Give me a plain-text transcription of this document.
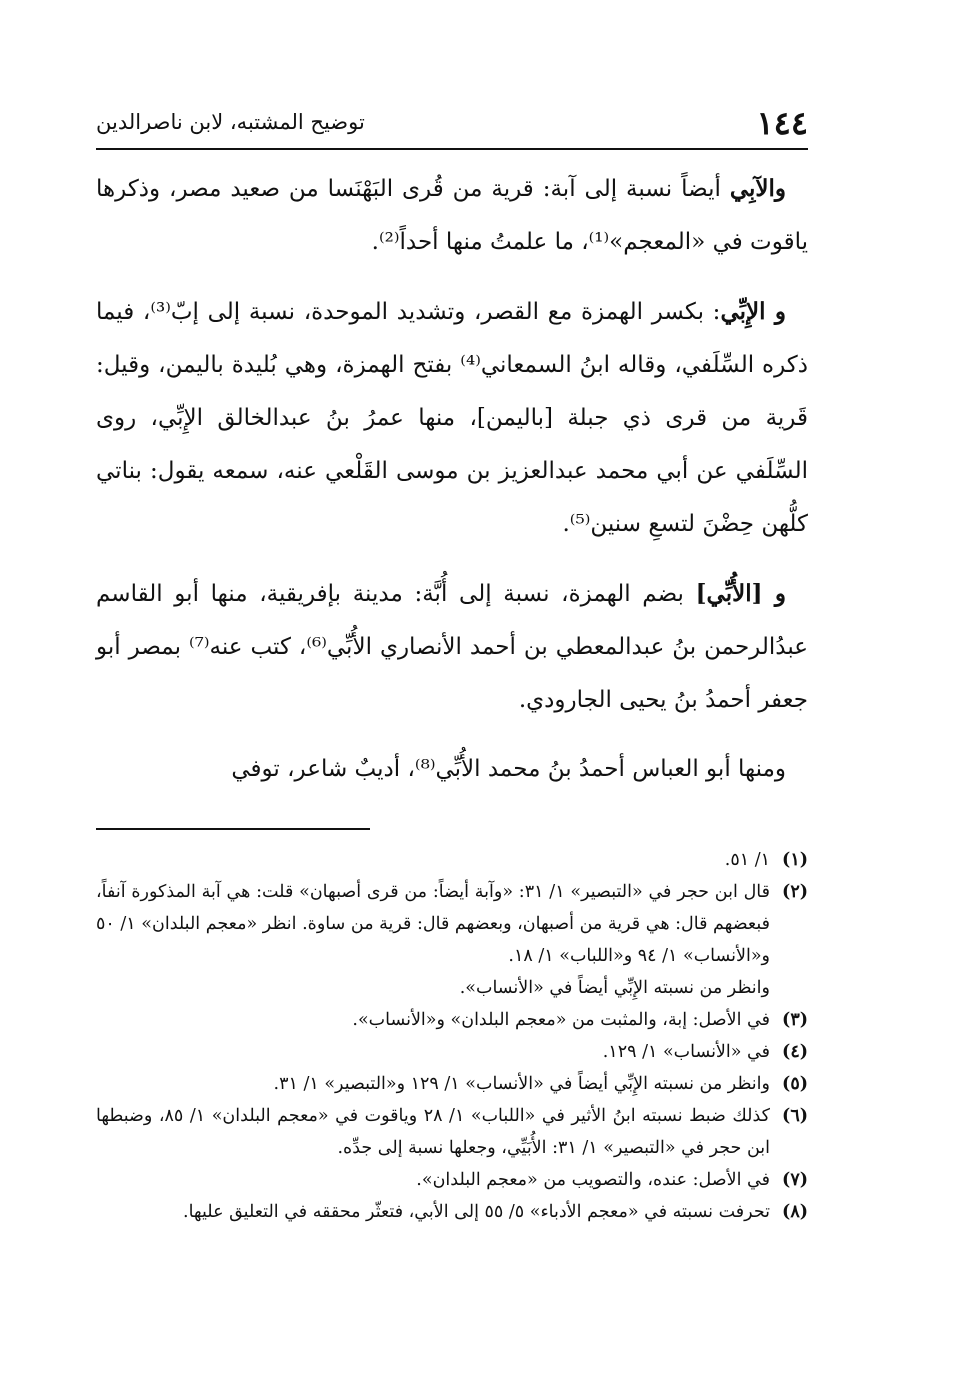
١٤٤
توضيح المشتبه، لابن ناصرالدين

والآبِي أيضاً نسبة إلى آبة: قرية من قُرى البَهْنَسا من صعيد مصر، وذكرها ياقوت في «المعجم»⁽¹⁾، ما علمتُ منها أحداً⁽²⁾.

و الإِبِّي: بكسر الهمزة مع القصر، وتشديد الموحدة، نسبة إلى إبّ⁽³⁾، فيما ذكره السِّلَفي، وقاله ابنُ السمعاني⁽⁴⁾ بفتح الهمزة، وهي بُليدة باليمن، وقيل: قَرية من قرى ذي جبلة [باليمن]، منها عمرُ بنُ عبدالخالق الإِبِّي، روى السِّلَفي عن أبي محمد عبدالعزيز بن موسى القَلْعي عنه، سمعه يقول: بناتي كلُّهن حِضْنَ لتسعِ سنين⁽⁵⁾.

و [الأُبِّي] بضم الهمزة، نسبة إلى أُبَّة: مدينة بإفريقية، منها أبو القاسم عبدُالرحمن بنُ عبدالمعطي بن أحمد الأنصاري الأُبِّي⁽⁶⁾، كتب عنه⁽⁷⁾ بمصر أبو جعفر أحمدُ بنُ يحيى الجارودي.

ومنها أبو العباس أحمدُ بنُ محمد الأُبِّي⁽⁸⁾، أديبٌ شاعر، توفي

(١)
١/ ٥١.
(٢)
قال ابن حجر في «التبصير» ١/ ٣١: «وآبة أيضاً: من قرى أصبهان» قلت: هي آبة المذكورة آنفاً، فبعضهم قال: هي قرية من أصبهان، وبعضهم قال: قرية من ساوة. انظر «معجم البلدان» ١/ ٥٠ و«الأنساب» ١/ ٩٤ و«اللباب» ١/ ١٨.
وانظر من نسبته الإِبِّي أيضاً في «الأنساب».
(٣)
في الأصل: إبة، والمثبت من «معجم البلدان» و«الأنساب».
(٤)
في «الأنساب» ١/ ١٢٩.
(٥)
وانظر من نسبته الإِبِّي أيضاً في «الأنساب» ١/ ١٢٩ و«التبصير» ١/ ٣١.
(٦)
كذلك ضبط نسبته ابنُ الأثير في «اللباب» ١/ ٢٨ وياقوت في «معجم البلدان» ١/ ٨٥، وضبطها ابن حجر في «التبصير» ١/ ٣١: الأُبَيِّي، وجعلها نسبة إلى جدِّه.
(٧)
في الأصل: عنده، والتصويب من «معجم البلدان».
(٨)
تحرفت نسبته في «معجم الأدباء» ٥/ ٥٥ إلى الأبي، فتعثّر محققه في التعليق عليها.
